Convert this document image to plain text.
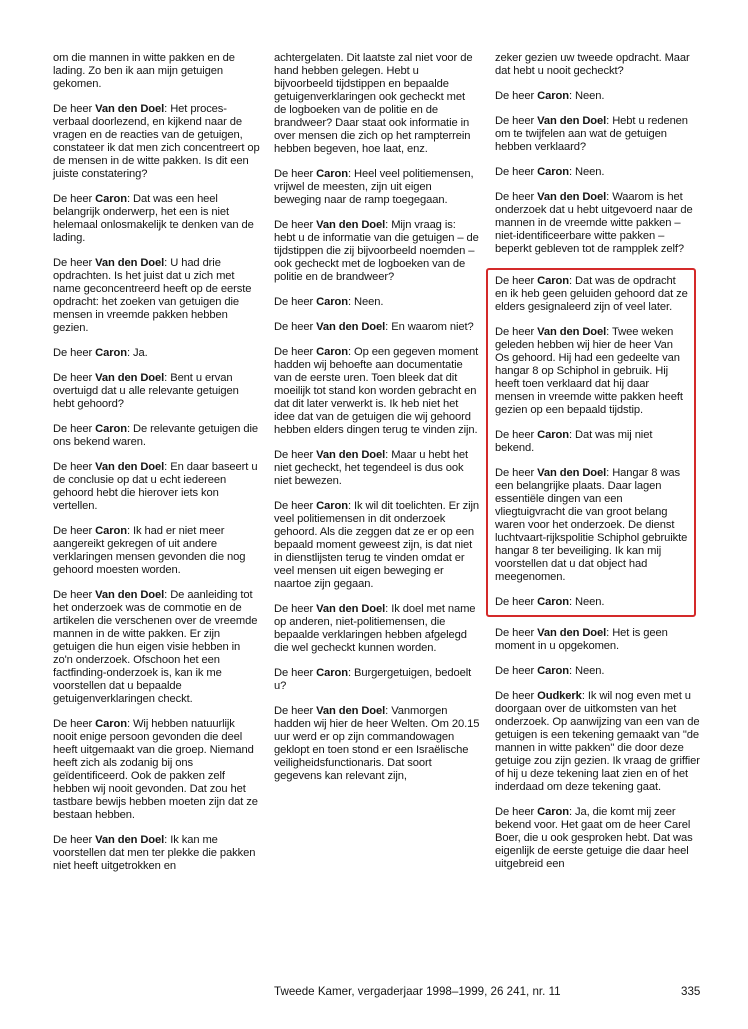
om die mannen in witte pakken en de lading. Zo ben ik aan mijn getuigen gekomen.

De heer Van den Doel: Het proces-verbaal doorlezend, en kijkend naar de vragen en de reacties van de getuigen, constateer ik dat men zich concentreert op de mensen in de witte pakken. Is dit een juiste constatering?

De heer Caron: Dat was een heel belangrijk onderwerp, het een is niet helemaal onlosmakelijk te denken van de lading.

De heer Van den Doel: U had drie opdrachten. Is het juist dat u zich met name geconcentreerd heeft op de eerste opdracht: het zoeken van getuigen die mensen in vreemde pakken hebben gezien.

De heer Caron: Ja.

De heer Van den Doel: Bent u ervan overtuigd dat u alle relevante getuigen hebt gehoord?

De heer Caron: De relevante getuigen die ons bekend waren.

De heer Van den Doel: En daar baseert u de conclusie op dat u echt iedereen gehoord hebt die hierover iets kon vertellen.

De heer Caron: Ik had er niet meer aangereikt gekregen of uit andere verklaringen mensen gevonden die nog gehoord moesten worden.

De heer Van den Doel: De aanleiding tot het onderzoek was de commotie en de artikelen die verschenen over de vreemde mannen in de witte pakken. Er zijn getuigen die hun eigen visie hebben in zo'n onderzoek. Ofschoon het een factfinding-onderzoek is, kan ik me voorstellen dat u bepaalde getuigenverklaringen checkt.

De heer Caron: Wij hebben natuurlijk nooit enige persoon gevonden die deel heeft uitgemaakt van die groep. Niemand heeft zich als zodanig bij ons geïdentificeerd. Ook de pakken zelf hebben wij nooit gevonden. Dat zou het tastbare bewijs hebben moeten zijn dat ze bestaan hebben.

De heer Van den Doel: Ik kan me voorstellen dat men ter plekke die pakken niet heeft uitgetrokken en

achtergelaten. Dit laatste zal niet voor de hand hebben gelegen. Hebt u bijvoorbeeld tijdstippen en bepaalde getuigenverklaringen ook gecheckt met de logboeken van de politie en de brandweer? Daar staat ook informatie in over mensen die zich op het rampterrein hebben begeven, hoe laat, enz.

De heer Caron: Heel veel politiemensen, vrijwel de meesten, zijn uit eigen beweging naar de ramp toegegaan.

De heer Van den Doel: Mijn vraag is: hebt u de informatie van die getuigen – de tijdstippen die zij bijvoorbeeld noemden – ook gecheckt met de logboeken van de politie en de brandweer?

De heer Caron: Neen.

De heer Van den Doel: En waarom niet?

De heer Caron: Op een gegeven moment hadden wij behoefte aan documentatie van de eerste uren. Toen bleek dat dit moeilijk tot stand kon worden gebracht en dat dit later verwerkt is. Ik heb niet het idee dat van de getuigen die wij gehoord hebben elders dingen terug te vinden zijn.

De heer Van den Doel: Maar u hebt het niet gecheckt, het tegendeel is dus ook niet bewezen.

De heer Caron: Ik wil dit toelichten. Er zijn veel politiemensen in dit onderzoek gehoord. Als die zeggen dat ze er op een bepaald moment geweest zijn, is dat niet in dienstlijsten terug te vinden omdat er veel mensen uit eigen beweging er naartoe zijn gegaan.

De heer Van den Doel: Ik doel met name op anderen, niet-politiemensen, die bepaalde verklaringen hebben afgelegd die wel gecheckt kunnen worden.

De heer Caron: Burgergetuigen, bedoelt u?

De heer Van den Doel: Vanmorgen hadden wij hier de heer Welten. Om 20.15 uur werd er op zijn commandowagen geklopt en toen stond er een Israëlische veiligheidsfunctionaris. Dat soort gegevens kan relevant zijn,

zeker gezien uw tweede opdracht. Maar dat hebt u nooit gecheckt?

De heer Caron: Neen.

De heer Van den Doel: Hebt u redenen om te twijfelen aan wat de getuigen hebben verklaard?

De heer Caron: Neen.

De heer Van den Doel: Waarom is het onderzoek dat u hebt uitgevoerd naar de mannen in de vreemde witte pakken – niet-identificeerbare witte pakken – beperkt gebleven tot de rampplek zelf?

De heer Caron: Dat was de opdracht en ik heb geen geluiden gehoord dat ze elders gesignaleerd zijn of veel later.

De heer Van den Doel: Twee weken geleden hebben wij hier de heer Van Os gehoord. Hij had een gedeelte van hangar 8 op Schiphol in gebruik. Hij heeft toen verklaard dat hij daar mensen in vreemde witte pakken heeft gezien op een bepaald tijdstip.

De heer Caron: Dat was mij niet bekend.

De heer Van den Doel: Hangar 8 was een belangrijke plaats. Daar lagen essentiële dingen van een vliegtuigvracht die van groot belang waren voor het onderzoek. De dienst luchtvaart-rijkspolitie Schiphol gebruikte hangar 8 ter beveiliging. Ik kan mij voorstellen dat u dat object had meegenomen.

De heer Caron: Neen.

De heer Van den Doel: Het is geen moment in u opgekomen.

De heer Caron: Neen.

De heer Oudkerk: Ik wil nog even met u doorgaan over de uitkomsten van het onderzoek. Op aanwijzing van een van de getuigen is een tekening gemaakt van "de mannen in witte pakken" die door deze getuige zou zijn gezien. Ik vraag de griffier of hij u deze tekening laat zien en of het inderdaad om deze tekening gaat.

De heer Caron: Ja, die komt mij zeer bekend voor. Het gaat om de heer Carel Boer, die u ook gesproken hebt. Dat was eigenlijk de eerste getuige die daar heel uitgebreid een

Tweede Kamer, vergaderjaar 1998–1999, 26 241, nr. 11	335
